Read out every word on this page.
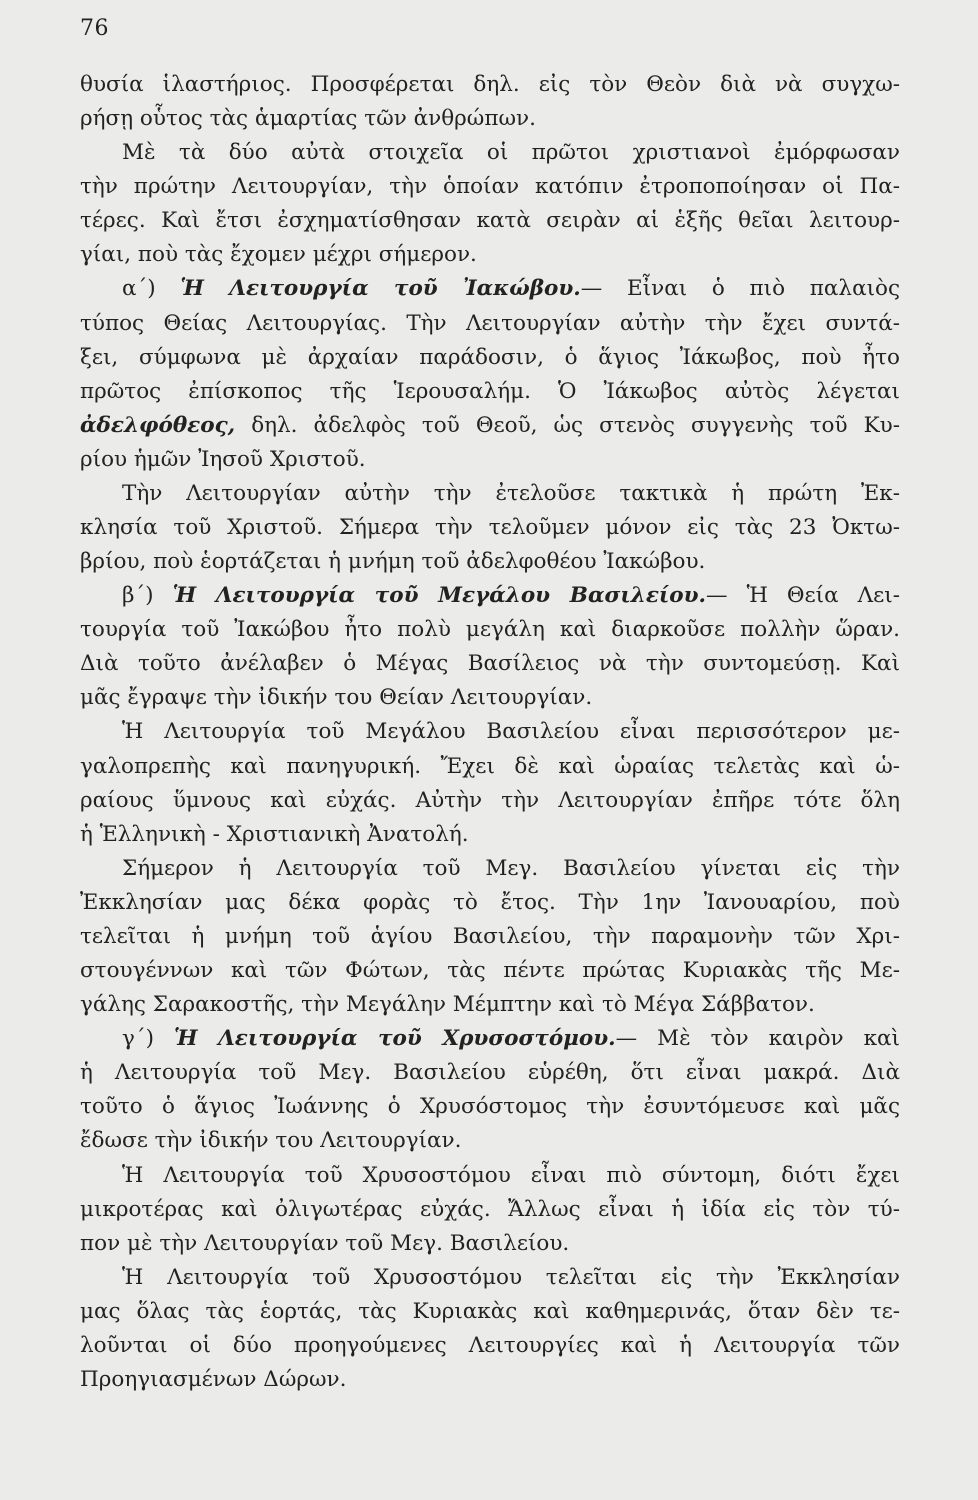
76
θυσία ἱλαστήριος. Προσφέρεται δηλ. εἰς τὸν Θεὸν διὰ νὰ συγχω-
ρήσῃ οὗτος τὰς ἁμαρτίας τῶν ἀνθρώπων.
Μὲ τὰ δύο αὐτὰ στοιχεῖα οἱ πρῶτοι χριστιανοὶ ἐμόρφωσαν
τὴν πρώτην Λειτουργίαν, τὴν ὁποίαν κατόπιν ἐτροποποίησαν οἱ Πα-
τέρες. Καὶ ἔτσι ἐσχηματίσθησαν κατὰ σειρὰν αἱ ἑξῆς θεῖαι λειτουρ-
γίαι, ποὺ τὰς ἔχομεν μέχρι σήμερον.
α΄) Ἡ Λειτουργία τοῦ Ἰακώβου.— Εἶναι ὁ πιὸ παλαιὸς
τύπος Θείας Λειτουργίας. Τὴν Λειτουργίαν αὐτὴν τὴν ἔχει συντά-
ξει, σύμφωνα μὲ ἀρχαίαν παράδοσιν, ὁ ἅγιος Ἰάκωβος, ποὺ ἦτο
πρῶτος ἐπίσκοπος τῆς Ἱερουσαλήμ. Ὁ Ἰάκωβος αὐτὸς λέγεται
ἀδελφόθεος, δηλ. ἀδελφὸς τοῦ Θεοῦ, ὡς στενὸς συγγενὴς τοῦ Κυ-
ρίου ἡμῶν Ἰησοῦ Χριστοῦ.
Τὴν Λειτουργίαν αὐτὴν τὴν ἐτελοῦσε τακτικὰ ἡ πρώτη Ἐκ-
κλησία τοῦ Χριστοῦ. Σήμερα τὴν τελοῦμεν μόνον εἰς τὰς 23 Ὀκτω-
βρίου, ποὺ ἑορτάζεται ἡ μνήμη τοῦ ἀδελφοθέου Ἰακώβου.
β΄) Ἡ Λειτουργία τοῦ Μεγάλου Βασιλείου.— Ἡ Θεία Λει-
τουργία τοῦ Ἰακώβου ἦτο πολὺ μεγάλη καὶ διαρκοῦσε πολλὴν ὥραν.
Διὰ τοῦτο ἀνέλαβεν ὁ Μέγας Βασίλειος νὰ τὴν συντομεύσῃ. Καὶ
μᾶς ἔγραψε τὴν ἰδικήν του Θείαν Λειτουργίαν.
Ἡ Λειτουργία τοῦ Μεγάλου Βασιλείου εἶναι περισσότερον με-
γαλοπρεπὴς καὶ πανηγυρική. Ἔχει δὲ καὶ ὡραίας τελετὰς καὶ ὡ-
ραίους ὕμνους καὶ εὐχάς. Αὐτὴν τὴν Λειτουργίαν ἐπῆρε τότε ὅλη
ἡ Ἑλληνικὴ - Χριστιανικὴ Ἀνατολή.
Σήμερον ἡ Λειτουργία τοῦ Μεγ. Βασιλείου γίνεται εἰς τὴν
Ἐκκλησίαν μας δέκα φορὰς τὸ ἔτος. Τὴν 1ην Ἰανουαρίου, ποὺ
τελεῖται ἡ μνήμη τοῦ ἁγίου Βασιλείου, τὴν παραμονὴν τῶν Χρι-
στουγέννων καὶ τῶν Φώτων, τὰς πέντε πρώτας Κυριακὰς τῆς Με-
γάλης Σαρακοστῆς, τὴν Μεγάλην Μέμπτην καὶ τὸ Μέγα Σάββατον.
γ΄) Ἡ Λειτουργία τοῦ Χρυσοστόμου.— Μὲ τὸν καιρὸν καὶ
ἡ Λειτουργία τοῦ Μεγ. Βασιλείου εὑρέθη, ὅτι εἶναι μακρά. Διὰ
τοῦτο ὁ ἅγιος Ἰωάννης ὁ Χρυσόστομος τὴν ἐσυντόμευσε καὶ μᾶς
ἔδωσε τὴν ἰδικήν του Λειτουργίαν.
Ἡ Λειτουργία τοῦ Χρυσοστόμου εἶναι πιὸ σύντομη, διότι ἔχει
μικροτέρας καὶ ὀλιγωτέρας εὐχάς. Ἄλλως εἶναι ἡ ἰδία εἰς τὸν τύ-
πον μὲ τὴν Λειτουργίαν τοῦ Μεγ. Βασιλείου.
Ἡ Λειτουργία τοῦ Χρυσοστόμου τελεῖται εἰς τὴν Ἐκκλησίαν
μας ὅλας τὰς ἑορτάς, τὰς Κυριακὰς καὶ καθημερινάς, ὅταν δὲν τε-
λοῦνται οἱ δύο προηγούμενες Λειτουργίες καὶ ἡ Λειτουργία τῶν
Προηγιασμένων Δώρων.
